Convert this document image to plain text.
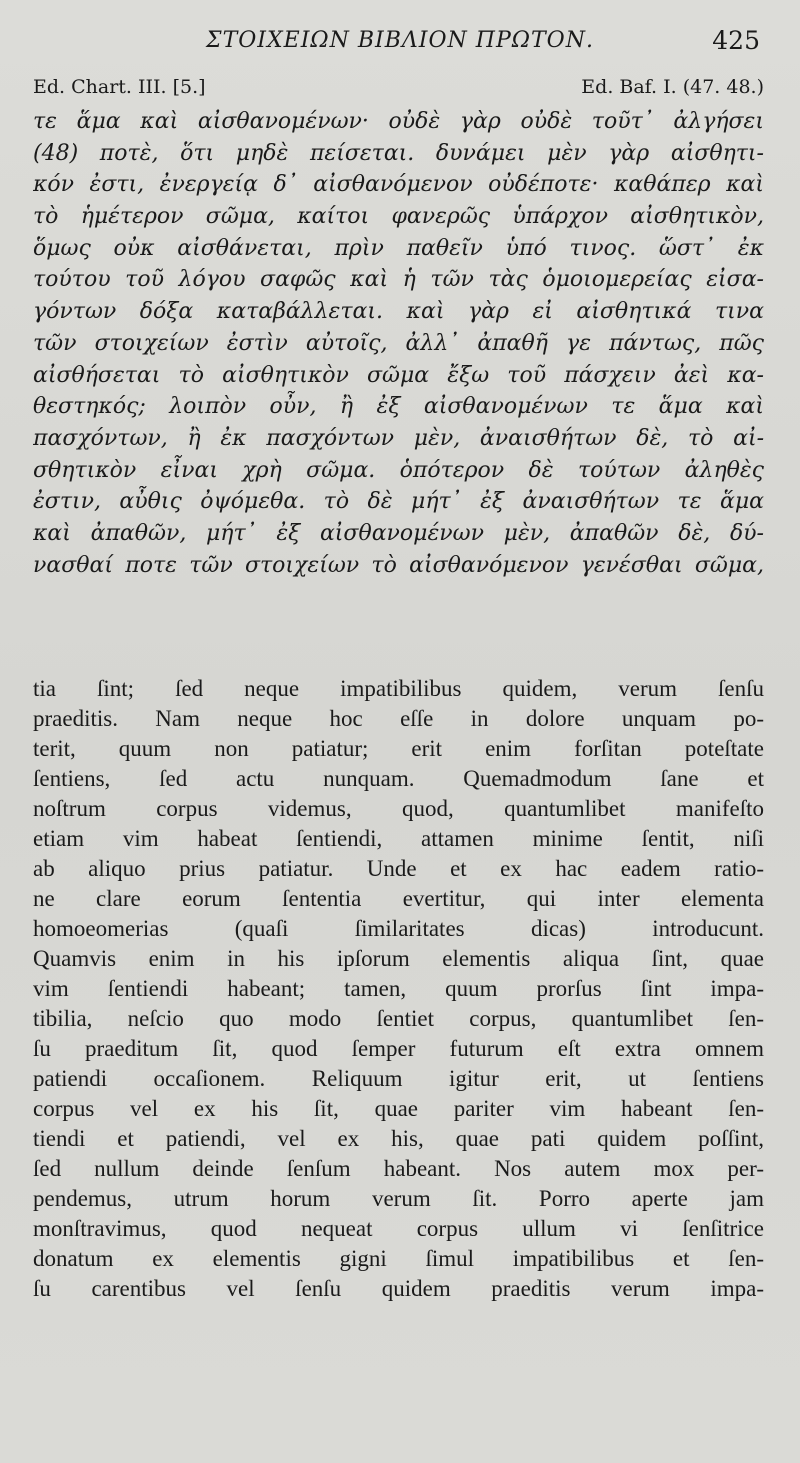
ΣΤΟΙΧΕΙΩΝ ΒΙΒΛΙΟΝ ΠΡΩΤΟΝ.	425
Ed. Chart. III. [5.]	Ed. Baf. I. (47. 48.)
τε ἅμα καὶ αἰσθανομένων· οὐδὲ γὰρ οὐδὲ τοῦτ᾽ ἀλγήσει
(48) ποτὲ, ὅτι μηδὲ πείσεται. δυνάμει μὲν γὰρ αἰσθητι-
κόν ἐστι, ἐνεργείᾳ δ᾽ αἰσθανόμενον οὐδέποτε· καθάπερ καὶ
τὸ ἡμέτερον σῶμα, καίτοι φανερῶς ὑπάρχον αἰσθητικὸν,
ὅμως οὐκ αἰσθάνεται, πρὶν παθεῖν ὑπό τινος. ὥστ᾽ ἐκ
τούτου τοῦ λόγου σαφῶς καὶ ἡ τῶν τὰς ὁμοιομερείας εἰσα-
γόντων δόξα καταβάλλεται. καὶ γὰρ εἰ αἰσθητικά τινα
τῶν στοιχείων ἐστὶν αὐτοῖς, ἀλλ᾽ ἀπαθῆ γε πάντως, πῶς
αἰσθήσεται τὸ αἰσθητικὸν σῶμα ἔξω τοῦ πάσχειν ἀεὶ κα-
θεστηκός; λοιπὸν οὖν, ἢ ἐξ αἰσθανομένων τε ἅμα καὶ
πασχόντων, ἢ ἐκ πασχόντων μὲν, ἀναισθήτων δὲ, τὸ αἰ-
σθητικὸν εἶναι χρὴ σῶμα. ὁπότερον δὲ τούτων ἀληθὲς
ἐστιν, αὖθις ὀψόμεθα. τὸ δὲ μήτ᾽ ἐξ ἀναισθήτων τε ἅμα
καὶ ἀπαθῶν, μήτ᾽ ἐξ αἰσθανομένων μὲν, ἀπαθῶν δὲ, δύ-
νασθαί ποτε τῶν στοιχείων τὸ αἰσθανόμενον γενέσθαι σῶμα,
tia ſint; ſed neque impatibilibus quidem, verum ſenſu
praeditis. Nam neque hoc eſſe in dolore unquam po-
terit, quum non patiatur; erit enim forſitan poteſtate
ſentiens, ſed actu nunquam. Quemadmodum ſane et
noſtrum corpus videmus, quod, quantumlibet manifeſto
etiam vim habeat ſentiendi, attamen minime ſentit, niſi
ab aliquo prius patiatur. Unde et ex hac eadem ratio-
ne clare eorum ſententia evertitur, qui inter elementa
homoeomerias (quaſi ſimilaritates dicas) introducunt.
Quamvis enim in his ipſorum elementis aliqua ſint, quae
vim ſentiendi habeant; tamen, quum prorſus ſint impa-
tibilia, neſcio quo modo ſentiet corpus, quantumlibet ſen-
ſu praeditum ſit, quod ſemper futurum eſt extra omnem
patiendi occaſionem. Reliquum igitur erit, ut ſentiens
corpus vel ex his ſit, quae pariter vim habeant ſen-
tiendi et patiendi, vel ex his, quae pati quidem poſſint,
ſed nullum deinde ſenſum habeant. Nos autem mox per-
pendemus, utrum horum verum ſit. Porro aperte jam
monſtravimus, quod nequeat corpus ullum vi ſenſitrice
donatum ex elementis gigni ſimul impatibilibus et ſen-
ſu carentibus vel ſenſu quidem praeditis verum impa-
